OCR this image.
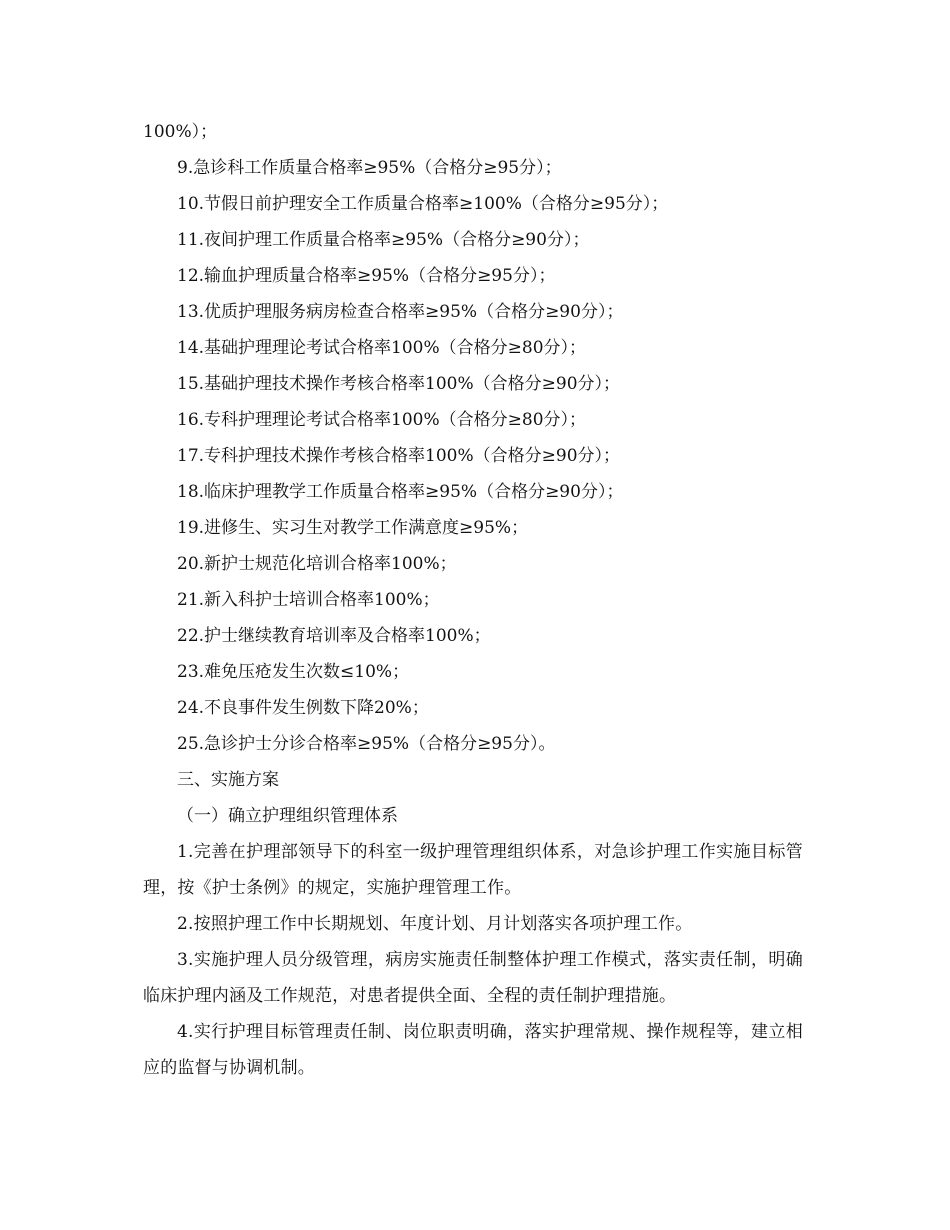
100%）；
9.急诊科工作质量合格率≥95%（合格分≥95分）；
10.节假日前护理安全工作质量合格率≥100%（合格分≥95分）；
11.夜间护理工作质量合格率≥95%（合格分≥90分）；
12.输血护理质量合格率≥95%（合格分≥95分）；
13.优质护理服务病房检查合格率≥95%（合格分≥90分）；
14.基础护理理论考试合格率100%（合格分≥80分）；
15.基础护理技术操作考核合格率100%（合格分≥90分）；
16.专科护理理论考试合格率100%（合格分≥80分）；
17.专科护理技术操作考核合格率100%（合格分≥90分）；
18.临床护理教学工作质量合格率≥95%（合格分≥90分）；
19.进修生、实习生对教学工作满意度≥95%；
20.新护士规范化培训合格率100%；
21.新入科护士培训合格率100%；
22.护士继续教育培训率及合格率100%；
23.难免压疮发生次数≤10%；
24.不良事件发生例数下降20%；
25.急诊护士分诊合格率≥95%（合格分≥95分）。
三、实施方案
（一）确立护理组织管理体系

1.完善在护理部领导下的科室一级护理管理组织体系，对急诊护理工作实施目标管理，按《护士条例》的规定，实施护理管理工作。

2.按照护理工作中长期规划、年度计划、月计划落实各项护理工作。

3.实施护理人员分级管理，病房实施责任制整体护理工作模式，落实责任制，明确临床护理内涵及工作规范，对患者提供全面、全程的责任制护理措施。

4.实行护理目标管理责任制、岗位职责明确，落实护理常规、操作规程等，建立相应的监督与协调机制。
